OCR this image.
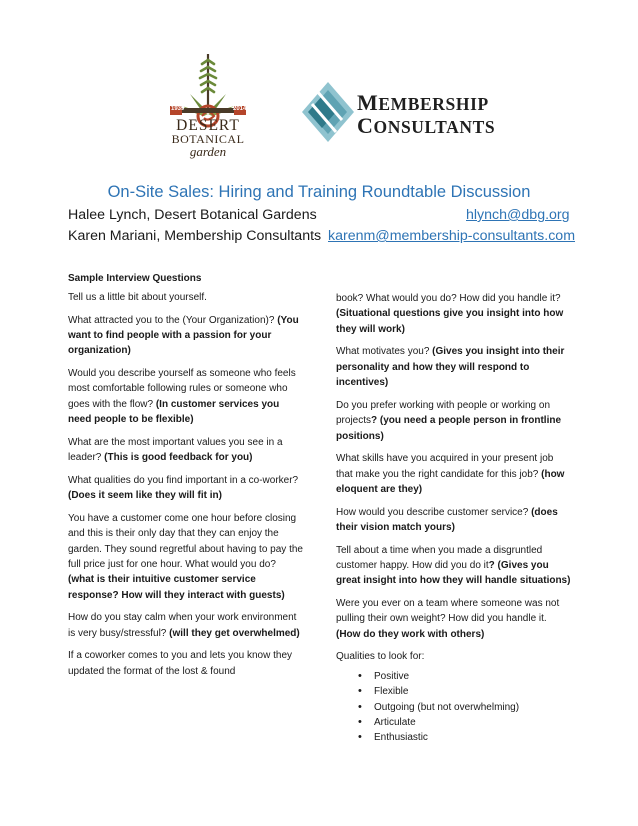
1939	2014
DESERT
BOTANICAL
garden
MEMBERSHIP
CONSULTANTS
On-Site Sales: Hiring and Training Roundtable Discussion
Halee Lynch, Desert Botanical Gardens	hlynch@dbg.org
Karen Mariani, Membership Consultants karenm@membership-consultants.com
Sample Interview Questions

Tell us a little bit about yourself.

What attracted you to the (Your Organization)? (You want to find people with a passion for your organization)

Would you describe yourself as someone who feels most comfortable following rules or someone who goes with the flow? (In customer services you need people to be flexible)

What are the most important values you see in a leader? (This is good feedback for you)

What qualities do you find important in a co-worker? (Does it seem like they will fit in)

You have a customer come one hour before closing and this is their only day that they can enjoy the garden. They sound regretful about having to pay the full price just for one hour. What would you do? (what is their intuitive customer service response? How will they interact with guests)

How do you stay calm when your work environment is very busy/stressful? (will they get overwhelmed)

If a coworker comes to you and lets you know they updated the format of the lost & found

book? What would you do? How did you handle it? (Situational questions give you insight into how they will work)

What motivates you? (Gives you insight into their personality and how they will respond to incentives)

Do you prefer working with people or working on projects? (you need a people person in frontline positions)

What skills have you acquired in your present job that make you the right candidate for this job? (how eloquent are they)

How would you describe customer service? (does their vision match yours)

Tell about a time when you made a disgruntled customer happy. How did you do it? (Gives you great insight into how they will handle situations)

Were you ever on a team where someone was not pulling their own weight? How did you handle it. (How do they work with others)

Qualities to look for:

• Positive
• Flexible
• Outgoing (but not overwhelming)
• Articulate
• Enthusiastic
